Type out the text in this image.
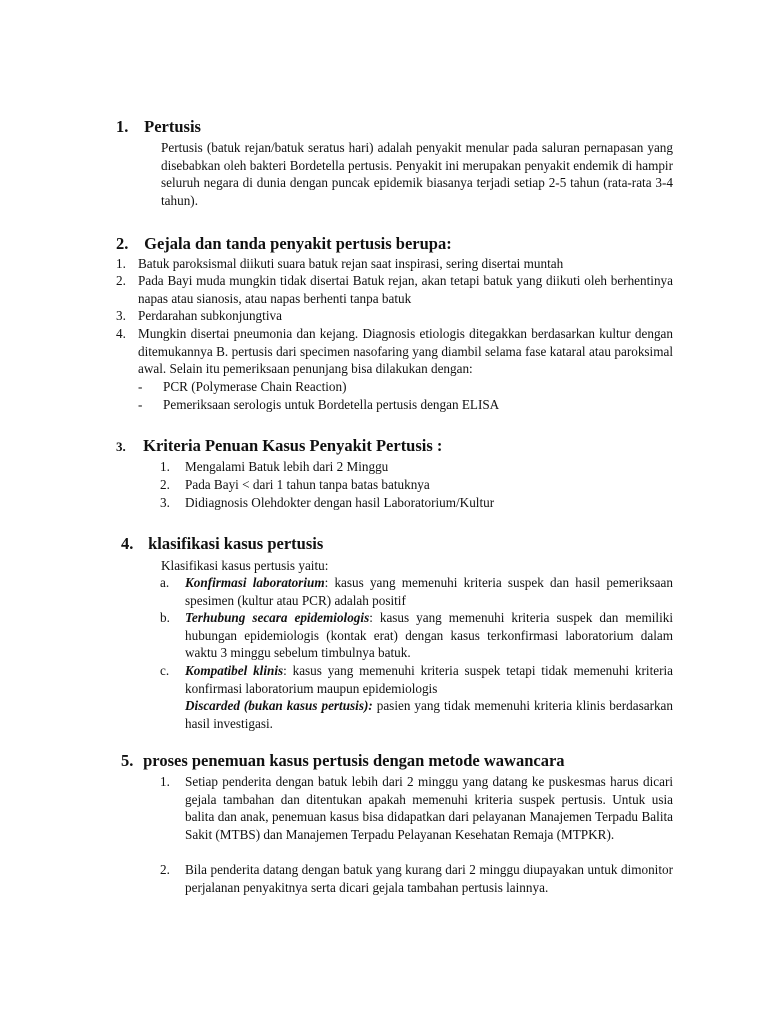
1. Pertusis
Pertusis (batuk rejan/batuk seratus hari) adalah penyakit menular pada saluran pernapasan yang disebabkan oleh bakteri Bordetella pertusis. Penyakit ini merupakan penyakit endemik di hampir seluruh negara di dunia dengan puncak epidemik biasanya terjadi setiap 2-5 tahun (rata-rata 3-4 tahun).
2. Gejala dan tanda penyakit pertusis berupa:
1. Batuk paroksismal diikuti suara batuk rejan saat inspirasi, sering disertai muntah
2. Pada Bayi muda mungkin tidak disertai Batuk rejan, akan tetapi batuk yang diikuti oleh berhentinya napas atau sianosis, atau napas berhenti tanpa batuk
3. Perdarahan subkonjungtiva
4. Mungkin disertai pneumonia dan kejang. Diagnosis etiologis ditegakkan berdasarkan kultur dengan ditemukannya B. pertusis dari specimen nasofaring yang diambil selama fase kataral atau paroksimal awal. Selain itu pemeriksaan penunjang bisa dilakukan dengan:
- PCR (Polymerase Chain Reaction)
- Pemeriksaan serologis untuk Bordetella pertusis dengan ELISA
3. Kriteria Penuan Kasus Penyakit Pertusis :
1. Mengalami Batuk lebih dari 2 Minggu
2. Pada Bayi < dari 1 tahun tanpa batas batuknya
3. Didiagnosis Olehdokter dengan hasil Laboratorium/Kultur
4. klasifikasi kasus pertusis
Klasifikasi kasus pertusis yaitu:
a. Konfirmasi laboratorium: kasus yang memenuhi kriteria suspek dan hasil pemeriksaan spesimen (kultur atau PCR) adalah positif
b. Terhubung secara epidemiologis: kasus yang memenuhi kriteria suspek dan memiliki hubungan epidemiologis (kontak erat) dengan kasus terkonfirmasi laboratorium dalam waktu 3 minggu sebelum timbulnya batuk.
c. Kompatibel klinis: kasus yang memenuhi kriteria suspek tetapi tidak memenuhi kriteria konfirmasi laboratorium maupun epidemiologis
Discarded (bukan kasus pertusis): pasien yang tidak memenuhi kriteria klinis berdasarkan hasil investigasi.
5. proses penemuan kasus pertusis dengan metode wawancara
1. Setiap penderita dengan batuk lebih dari 2 minggu yang datang ke puskesmas harus dicari gejala tambahan dan ditentukan apakah memenuhi kriteria suspek pertusis. Untuk usia balita dan anak, penemuan kasus bisa didapatkan dari pelayanan Manajemen Terpadu Balita Sakit (MTBS) dan Manajemen Terpadu Pelayanan Kesehatan Remaja (MTPKR).
2. Bila penderita datang dengan batuk yang kurang dari 2 minggu diupayakan untuk dimonitor perjalanan penyakitnya serta dicari gejala tambahan pertusis lainnya.
